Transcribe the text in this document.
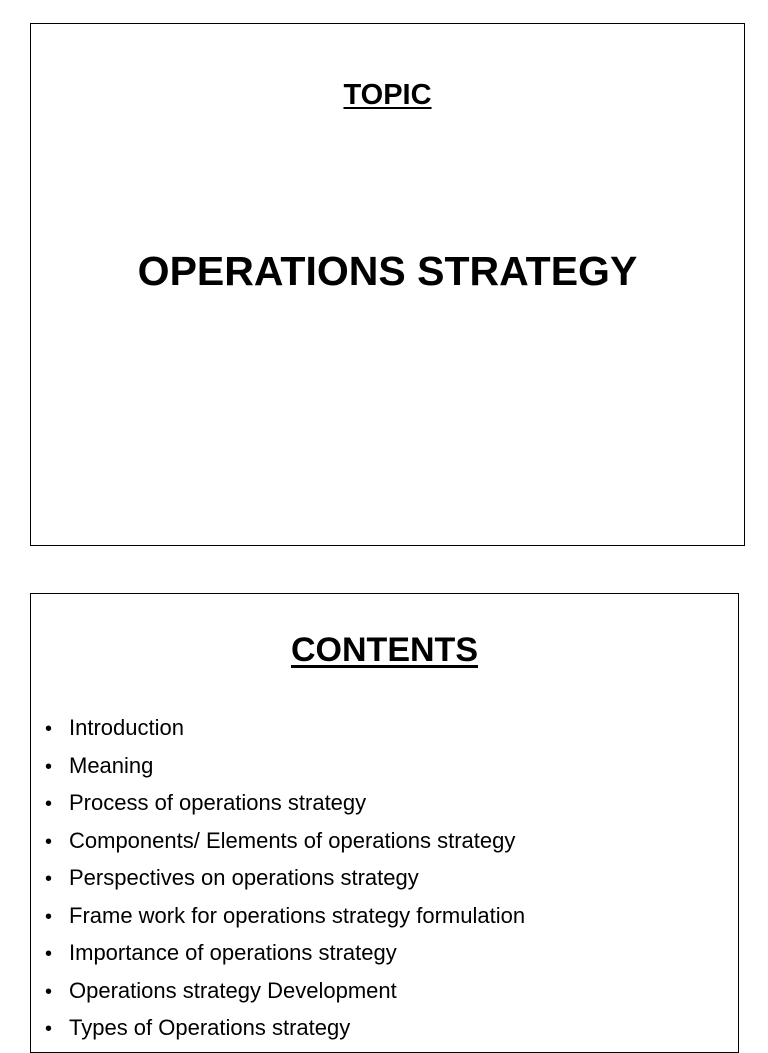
TOPIC
OPERATIONS STRATEGY
CONTENTS
• Introduction
• Meaning
• Process of operations strategy
• Components/ Elements of operations strategy
• Perspectives on operations strategy
• Frame work for operations strategy formulation
• Importance of operations strategy
• Operations strategy Development
• Types of Operations strategy
